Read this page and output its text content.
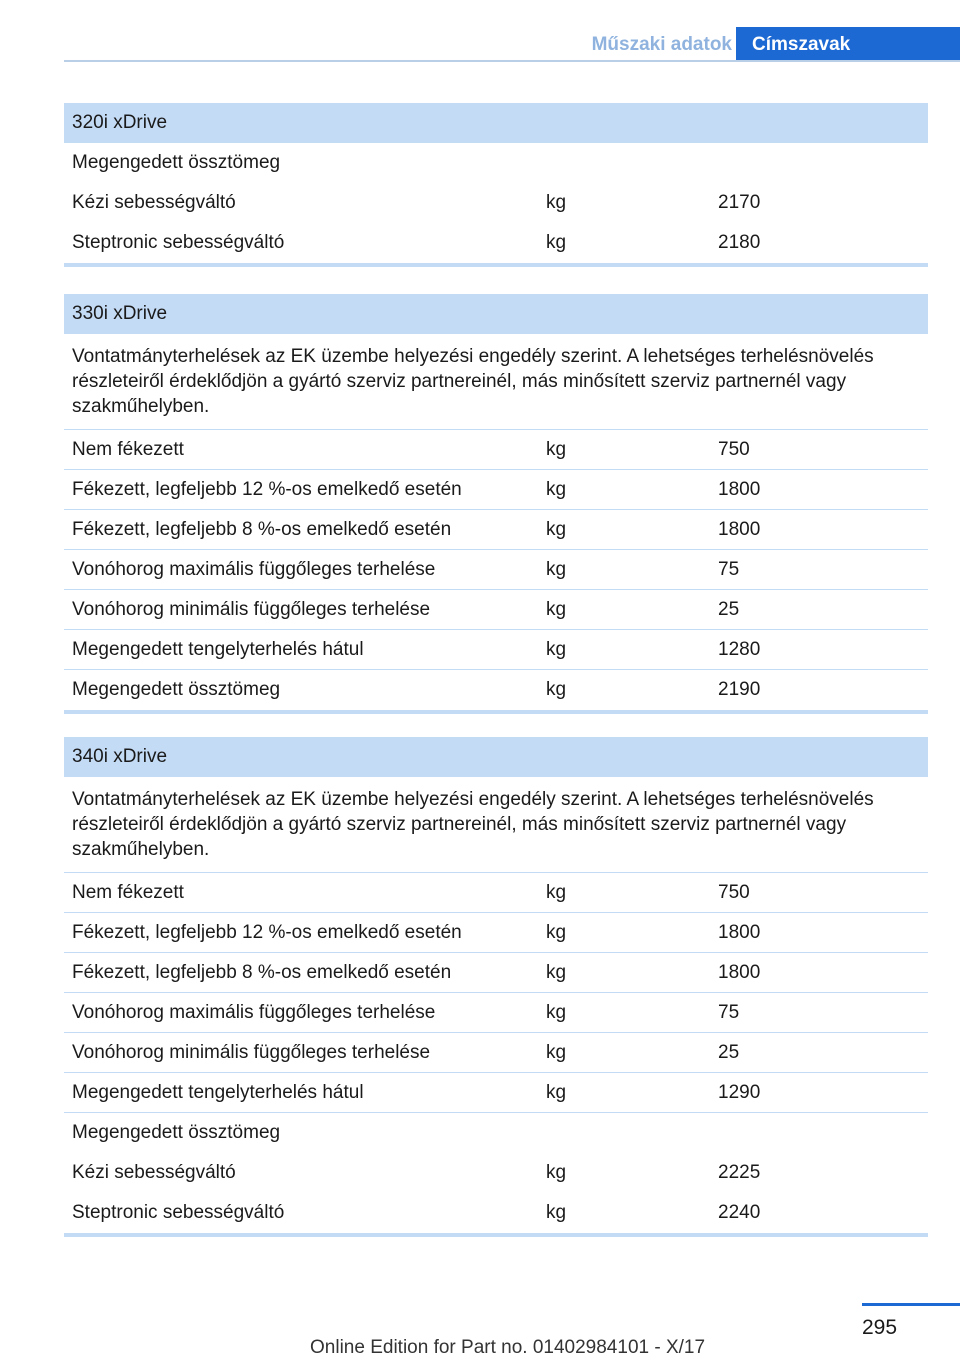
Műszaki adatok	Címszavak
320i xDrive
Megengedett össztömeg
Kézi sebességváltó	kg	2170
Steptronic sebességváltó	kg	2180
330i xDrive
Vontatmányterhelések az EK üzembe helyezési engedély szerint. A lehetséges terhelésnövelés részleteiről érdeklődjön a gyártó szerviz partnereinél, más minősített szerviz partnernél vagy szakműhelyben.
Nem fékezett	kg	750
Fékezett, legfeljebb 12 %-os emelkedő esetén	kg	1800
Fékezett, legfeljebb 8 %-os emelkedő esetén	kg	1800
Vonóhorog maximális függőleges terhelése	kg	75
Vonóhorog minimális függőleges terhelése	kg	25
Megengedett tengelyterhelés hátul	kg	1280
Megengedett össztömeg	kg	2190
340i xDrive
Vontatmányterhelések az EK üzembe helyezési engedély szerint. A lehetséges terhelésnövelés részleteiről érdeklődjön a gyártó szerviz partnereinél, más minősített szerviz partnernél vagy szakműhelyben.
Nem fékezett	kg	750
Fékezett, legfeljebb 12 %-os emelkedő esetén	kg	1800
Fékezett, legfeljebb 8 %-os emelkedő esetén	kg	1800
Vonóhorog maximális függőleges terhelése	kg	75
Vonóhorog minimális függőleges terhelése	kg	25
Megengedett tengelyterhelés hátul	kg	1290
Megengedett össztömeg
Kézi sebességváltó	kg	2225
Steptronic sebességváltó	kg	2240
295
Online Edition for Part no. 01402984101 - X/17
